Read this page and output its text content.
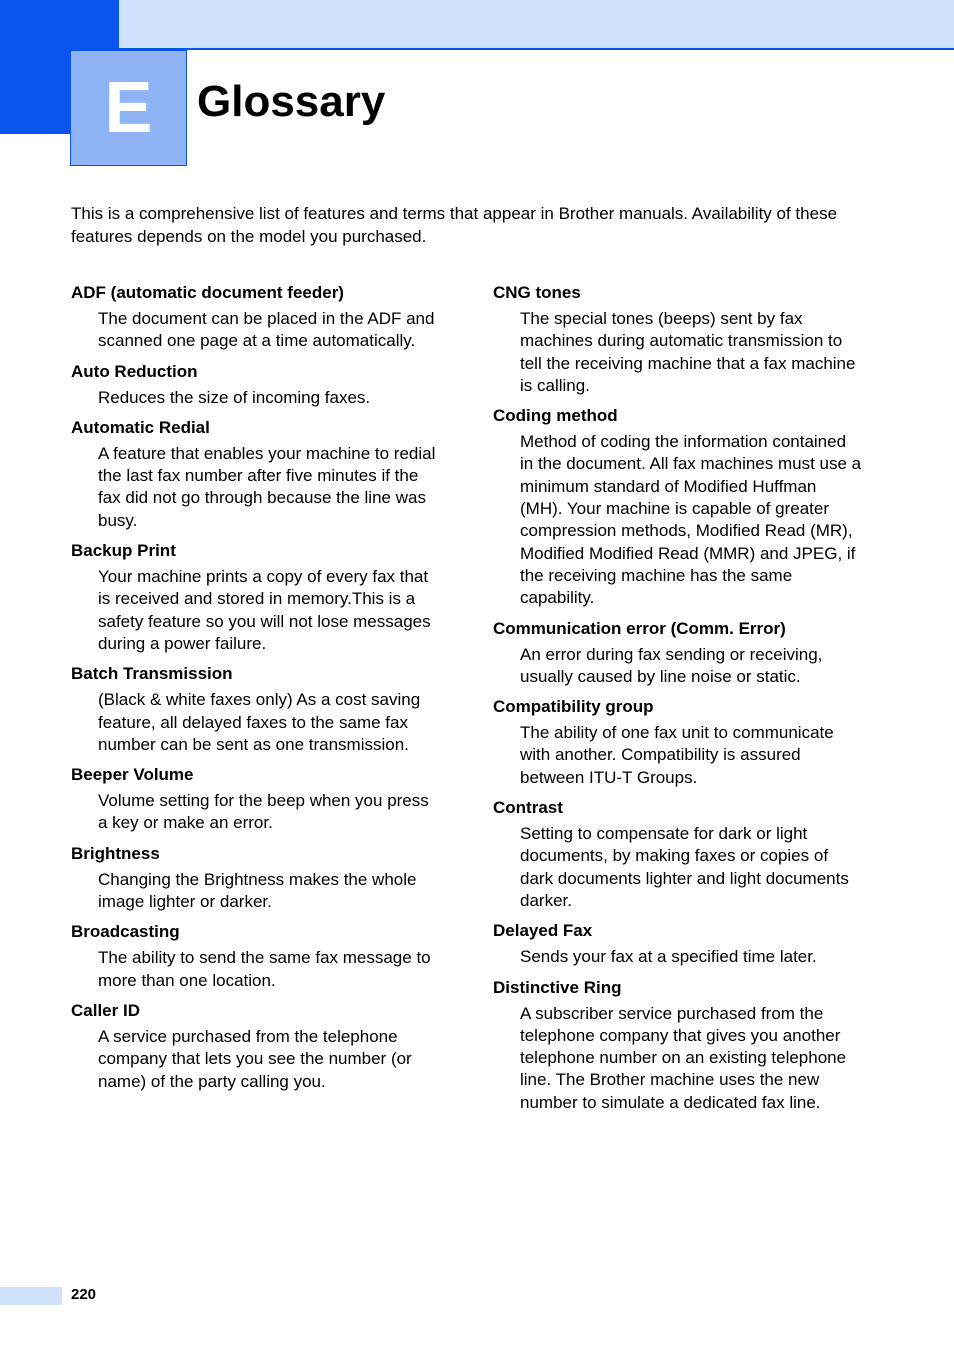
E Glossary

This is a comprehensive list of features and terms that appear in Brother manuals. Availability of these features depends on the model you purchased.

ADF (automatic document feeder)

The document can be placed in the ADF and scanned one page at a time automatically.

Auto Reduction

Reduces the size of incoming faxes.

Automatic Redial

A feature that enables your machine to redial the last fax number after five minutes if the fax did not go through because the line was busy.

Backup Print

Your machine prints a copy of every fax that is received and stored in memory.This is a safety feature so you will not lose messages during a power failure.

Batch Transmission

(Black & white faxes only) As a cost saving feature, all delayed faxes to the same fax number can be sent as one transmission.

Beeper Volume

Volume setting for the beep when you press a key or make an error.

Brightness

Changing the Brightness makes the whole image lighter or darker.

Broadcasting

The ability to send the same fax message to more than one location.

Caller ID

A service purchased from the telephone company that lets you see the number (or name) of the party calling you.

CNG tones

The special tones (beeps) sent by fax machines during automatic transmission to tell the receiving machine that a fax machine is calling.

Coding method

Method of coding the information contained in the document. All fax machines must use a minimum standard of Modified Huffman (MH). Your machine is capable of greater compression methods, Modified Read (MR), Modified Modified Read (MMR) and JPEG, if the receiving machine has the same capability.

Communication error (Comm. Error)

An error during fax sending or receiving, usually caused by line noise or static.

Compatibility group

The ability of one fax unit to communicate with another. Compatibility is assured between ITU-T Groups.

Contrast

Setting to compensate for dark or light documents, by making faxes or copies of dark documents lighter and light documents darker.

Delayed Fax

Sends your fax at a specified time later.

Distinctive Ring

A subscriber service purchased from the telephone company that gives you another telephone number on an existing telephone line. The Brother machine uses the new number to simulate a dedicated fax line.

220
